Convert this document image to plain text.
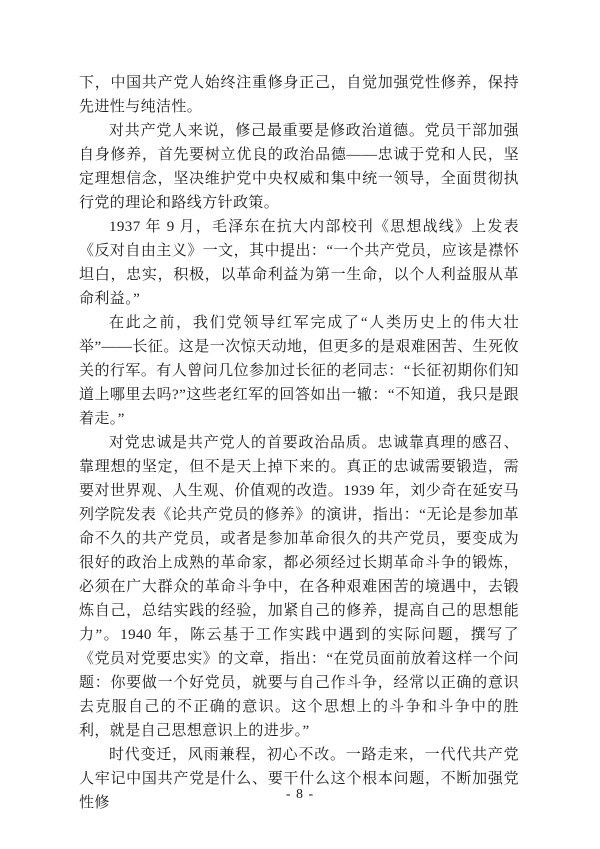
下，中国共产党人始终注重修身正己，自觉加强党性修养，保持先进性与纯洁性。

对共产党人来说，修己最重要是修政治道德。党员干部加强自身修养，首先要树立优良的政治品德——忠诚于党和人民，坚定理想信念，坚决维护党中央权威和集中统一领导，全面贯彻执行党的理论和路线方针政策。

1937 年 9 月，毛泽东在抗大内部校刊《思想战线》上发表《反对自由主义》一文，其中提出：“一个共产党员，应该是襟怀坦白，忠实，积极，以革命利益为第一生命，以个人利益服从革命利益。”

在此之前，我们党领导红军完成了“人类历史上的伟大壮举”——长征。这是一次惊天动地，但更多的是艰难困苦、生死攸关的行军。有人曾问几位参加过长征的老同志：“长征初期你们知道上哪里去吗?”这些老红军的回答如出一辙：“不知道，我只是跟着走。”

对党忠诚是共产党人的首要政治品质。忠诚靠真理的感召、靠理想的坚定，但不是天上掉下来的。真正的忠诚需要锻造，需要对世界观、人生观、价值观的改造。1939 年，刘少奇在延安马列学院发表《论共产党员的修养》的演讲，指出：“无论是参加革命不久的共产党员，或者是参加革命很久的共产党员，要变成为很好的政治上成熟的革命家，都必须经过长期革命斗争的锻炼，必须在广大群众的革命斗争中，在各种艰难困苦的境遇中，去锻炼自己，总结实践的经验，加紧自己的修养，提高自己的思想能力”。1940 年，陈云基于工作实践中遇到的实际问题，撰写了《党员对党要忠实》的文章，指出：“在党员面前放着这样一个问题：你要做一个好党员，就要与自己作斗争，经常以正确的意识去克服自己的不正确的意识。这个思想上的斗争和斗争中的胜利，就是自己思想意识上的进步。”

时代变迁，风雨兼程，初心不改。一路走来，一代代共产党人牢记中国共产党是什么、要干什么这个根本问题，不断加强党性修

- 8 -
